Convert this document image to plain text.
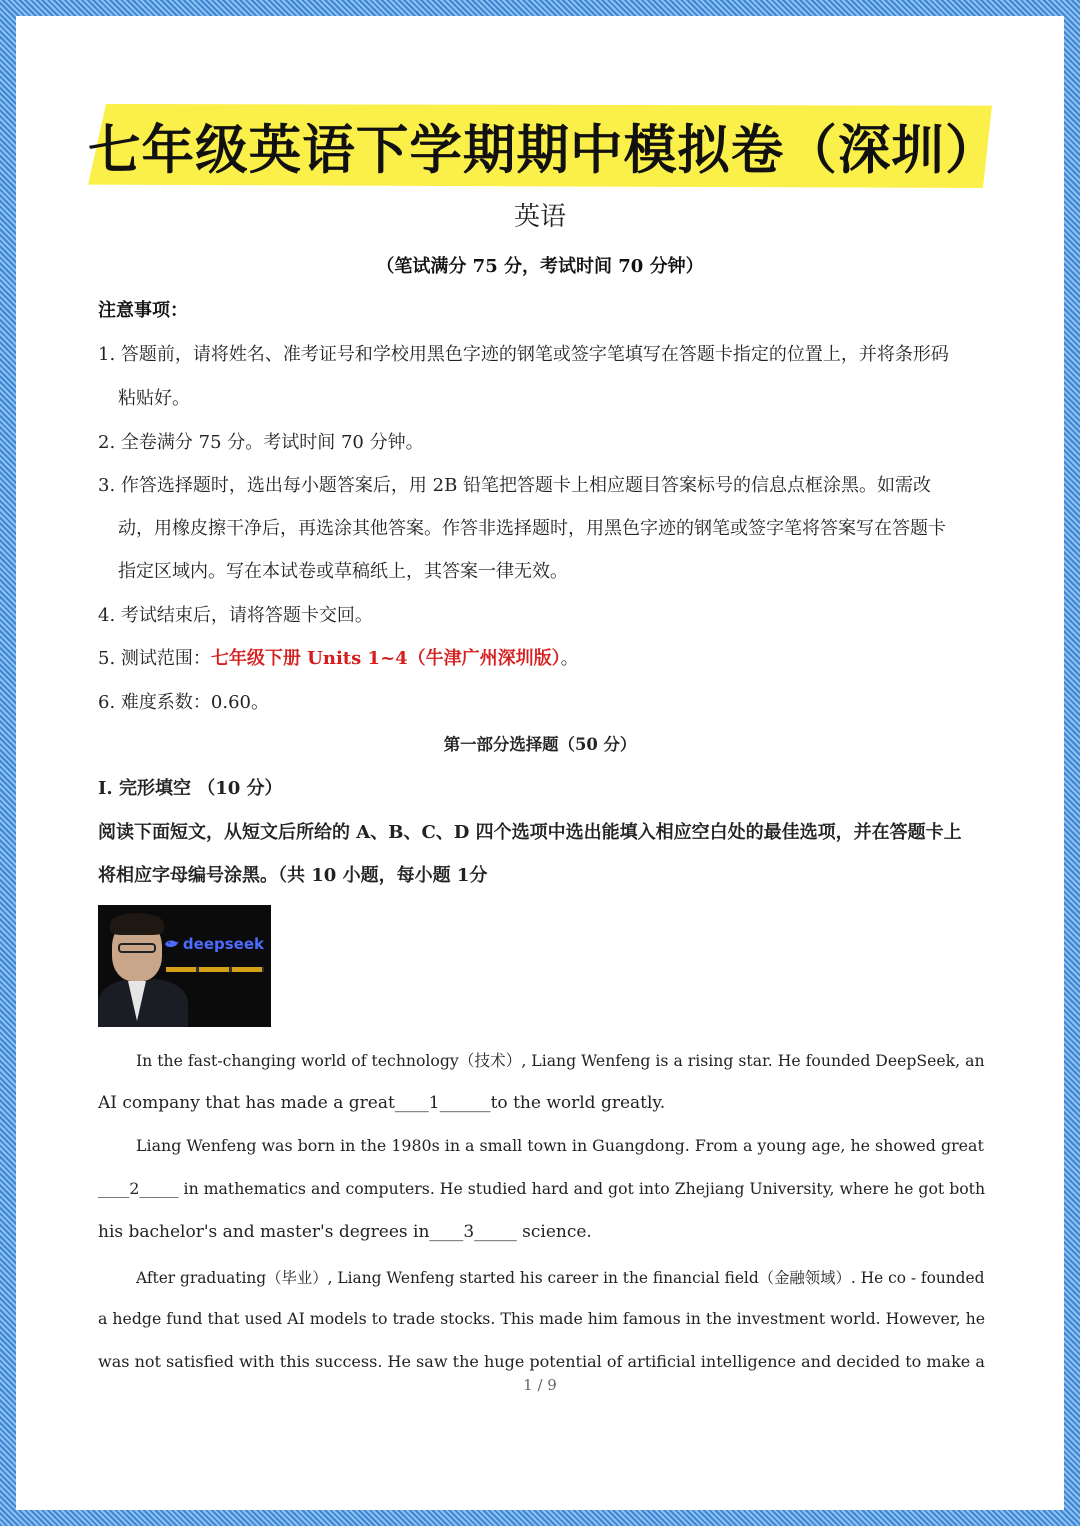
七年级英语下学期期中模拟卷（深圳）
英语
（笔试满分 75 分，考试时间 70 分钟）
注意事项：
1. 答题前，请将姓名、准考证号和学校用黑色字迹的钢笔或签字笔填写在答题卡指定的位置上，并将条形码
粘贴好。
2. 全卷满分 75 分。考试时间 70 分钟。
3. 作答选择题时，选出每小题答案后，用 2B 铅笔把答题卡上相应题目答案标号的信息点框涂黑。如需改
动，用橡皮擦干净后，再选涂其他答案。作答非选择题时，用黑色字迹的钢笔或签字笔将答案写在答题卡
指定区域内。写在本试卷或草稿纸上，其答案一律无效。
4. 考试结束后，请将答题卡交回。
5. 测试范围：七年级下册 Units 1~4（牛津广州深圳版）。
6. 难度系数：0.60。
第一部分选择题（50 分）
I. 完形填空 （10 分）
阅读下面短文，从短文后所给的 A、B、C、D 四个选项中选出能填入相应空白处的最佳选项，并在答题卡上
将相应字母编号涂黑。（共 10 小题，每小题 1分
deepseek
In the fast-changing world of technology（技术）, Liang Wenfeng is a rising star. He founded DeepSeek, an
AI company that has made a great____1______to the world greatly.
Liang Wenfeng was born in the 1980s in a small town in Guangdong. From a young age, he showed great
____2_____ in mathematics and computers. He studied hard and got into Zhejiang University, where he got both
his bachelor's and master's degrees in____3_____ science.
After graduating（毕业）, Liang Wenfeng started his career in the financial field（金融领域）. He co - founded
a hedge fund that used AI models to trade stocks. This made him famous in the investment world. However, he
was not satisfied with this success. He saw the huge potential of artificial intelligence and decided to make a
1 / 9
